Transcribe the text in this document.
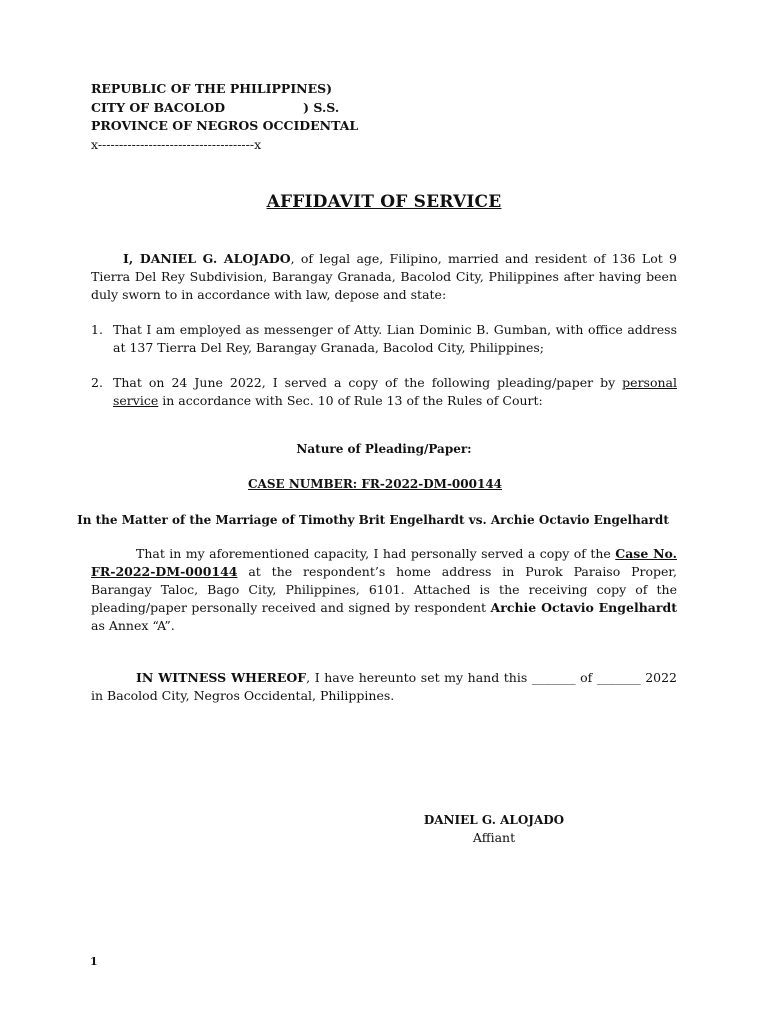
REPUBLIC OF THE PHILIPPINES)
CITY OF BACOLOD	) S.S.
PROVINCE OF NEGROS OCCIDENTAL
x-------------------------------------x
AFFIDAVIT OF SERVICE
I, DANIEL G. ALOJADO, of legal age, Filipino, married and resident of 136 Lot 9 Tierra Del Rey Subdivision, Barangay Granada, Bacolod City, Philippines after having been duly sworn to in accordance with law, depose and state:
1. That I am employed as messenger of Atty. Lian Dominic B. Gumban, with office address at 137 Tierra Del Rey, Barangay Granada, Bacolod City, Philippines;
2. That on 24 June 2022, I served a copy of the following pleading/paper by personal service in accordance with Sec. 10 of Rule 13 of the Rules of Court:
Nature of Pleading/Paper:
CASE NUMBER: FR-2022-DM-000144
In the Matter of the Marriage of Timothy Brit Engelhardt vs. Archie Octavio Engelhardt
That in my aforementioned capacity, I had personally served a copy of the Case No. FR-2022-DM-000144 at the respondent’s home address in Purok Paraiso Proper, Barangay Taloc, Bago City, Philippines, 6101. Attached is the receiving copy of the pleading/paper personally received and signed by respondent Archie Octavio Engelhardt as Annex “A”.
IN WITNESS WHEREOF, I have hereunto set my hand this _______ of _______ 2022 in Bacolod City, Negros Occidental, Philippines.
DANIEL G. ALOJADO
Affiant
1
